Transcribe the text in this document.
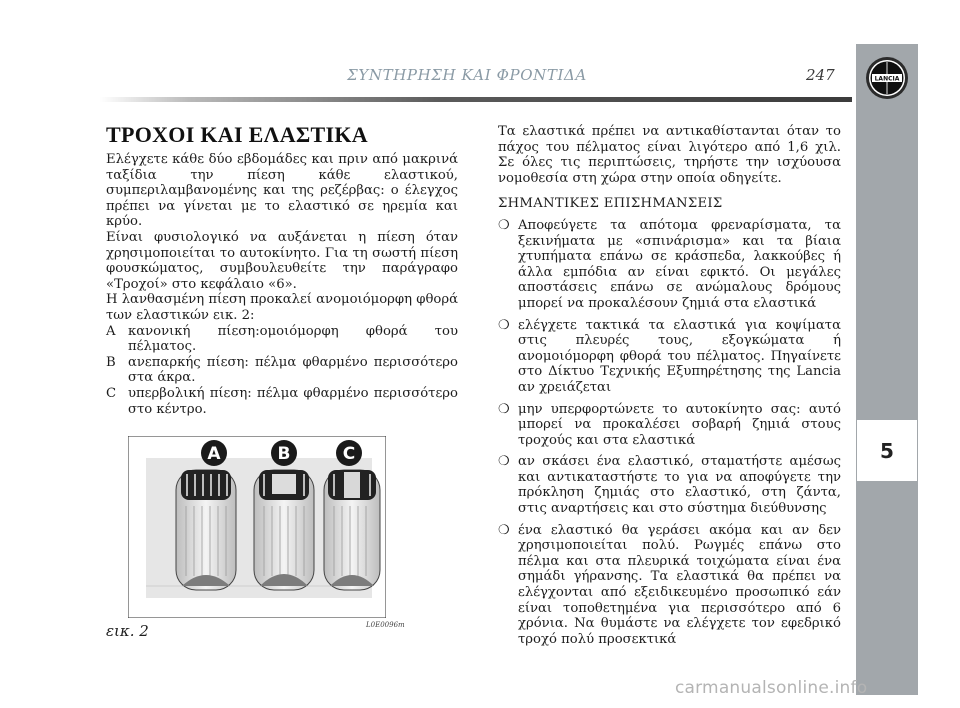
ΣΥΝΤΗΡΗΣΗ ΚΑΙ ΦΡΟΝΤΙΔΑ	247	LANCIA
5
ΤΡΟΧΟΙ ΚΑΙ ΕΛΑΣΤΙΚΑ

Ελέγχετε κάθε δύο εβδομάδες και πριν από μακρινά ταξίδια την πίεση κάθε ελαστικού, συμπεριλαμβανομένης και της ρεζέρβας: ο έλεγχος πρέπει να γίνεται με το ελαστικό σε ηρεμία και κρύο.

Είναι φυσιολογικό να αυξάνεται η πίεση όταν χρησιμοποιείται το αυτοκίνητο. Για τη σωστή πίεση φουσκώματος, συμβουλευθείτε την παράγραφο «Τροχοί» στο κεφάλαιο «6».

Η λανθασμένη πίεση προκαλεί ανομοιόμορφη φθορά των ελαστικών εικ. 2:

A κανονική πίεση:ομοιόμορφη φθορά του πέλματος.
B ανεπαρκής πίεση: πέλμα φθαρμένο περισσότερο στα άκρα.
C υπερβολική πίεση: πέλμα φθαρμένο περισσότερο στο κέντρο.
A	B	C
εικ. 2	L0E0096m

Τα ελαστικά πρέπει να αντικαθίστανται όταν το πάχος του πέλματος είναι λιγότερο από 1,6 χιλ. Σε όλες τις περιπτώσεις, τηρήστε την ισχύουσα νομοθεσία στη χώρα στην οποία οδηγείτε.

ΣΗΜΑΝΤΙΚΕΣ ΕΠΙΣΗΜΑΝΣΕΙΣ

❍ Αποφεύγετε τα απότομα φρεναρίσματα, τα ξεκινήματα με «σπινάρισμα» και τα βίαια χτυπήματα επάνω σε κράσπεδα, λακκούβες ή άλλα εμπόδια αν είναι εφικτό. Οι μεγάλες αποστάσεις επάνω σε ανώμαλους δρόμους μπορεί να προκαλέσουν ζημιά στα ελαστικά
❍ ελέγχετε τακτικά τα ελαστικά για κοψίματα στις πλευρές τους, εξογκώματα ή ανομοιόμορφη φθορά του πέλματος. Πηγαίνετε στο Δίκτυο Τεχνικής Εξυπηρέτησης της Lancia αν χρειάζεται
❍ μην υπερφορτώνετε το αυτοκίνητο σας: αυτό μπορεί να προκαλέσει σοβαρή ζημιά στους τροχούς και στα ελαστικά
❍ αν σκάσει ένα ελαστικό, σταματήστε αμέσως και αντικαταστήστε το για να αποφύγετε την πρόκληση ζημιάς στο ελαστικό, στη ζάντα, στις αναρτήσεις και στο σύστημα διεύθυνσης
❍ ένα ελαστικό θα γεράσει ακόμα και αν δεν χρησιμοποιείται πολύ. Ρωγμές επάνω στο πέλμα και στα πλευρικά τοιχώματα είναι ένα σημάδι γήρανσης. Τα ελαστικά θα πρέπει να ελέγχονται από εξειδικευμένο προσωπικό εάν είναι τοποθετημένα για περισσότερο από 6 χρόνια. Να θυμάστε να ελέγχετε τον εφεδρικό τροχό πολύ προσεκτικά
carmanualsonline.info
